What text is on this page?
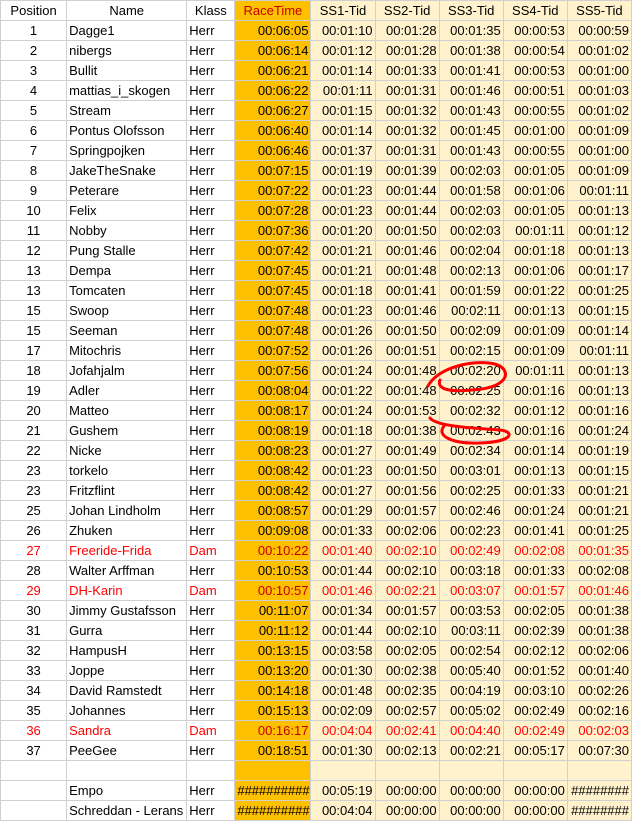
Position	Name	Klass	RaceTime	SS1-Tid	SS2-Tid	SS3-Tid	SS4-Tid	SS5-Tid
1	Dagge1	Herr	00:06:05	00:01:10	00:01:28	00:01:35	00:00:53	00:00:59
2	nibergs	Herr	00:06:14	00:01:12	00:01:28	00:01:38	00:00:54	00:01:02
3	Bullit	Herr	00:06:21	00:01:14	00:01:33	00:01:41	00:00:53	00:01:00
4	mattias_i_skogen	Herr	00:06:22	00:01:11	00:01:31	00:01:46	00:00:51	00:01:03
5	Stream	Herr	00:06:27	00:01:15	00:01:32	00:01:43	00:00:55	00:01:02
6	Pontus Olofsson	Herr	00:06:40	00:01:14	00:01:32	00:01:45	00:01:00	00:01:09
7	Springpojken	Herr	00:06:46	00:01:37	00:01:31	00:01:43	00:00:55	00:01:00
8	JakeTheSnake	Herr	00:07:15	00:01:19	00:01:39	00:02:03	00:01:05	00:01:09
9	Peterare	Herr	00:07:22	00:01:23	00:01:44	00:01:58	00:01:06	00:01:11
10	Felix	Herr	00:07:28	00:01:23	00:01:44	00:02:03	00:01:05	00:01:13
11	Nobby	Herr	00:07:36	00:01:20	00:01:50	00:02:03	00:01:11	00:01:12
12	Pung Stalle	Herr	00:07:42	00:01:21	00:01:46	00:02:04	00:01:18	00:01:13
13	Dempa	Herr	00:07:45	00:01:21	00:01:48	00:02:13	00:01:06	00:01:17
13	Tomcaten	Herr	00:07:45	00:01:18	00:01:41	00:01:59	00:01:22	00:01:25
15	Swoop	Herr	00:07:48	00:01:23	00:01:46	00:02:11	00:01:13	00:01:15
15	Seeman	Herr	00:07:48	00:01:26	00:01:50	00:02:09	00:01:09	00:01:14
17	Mitochris	Herr	00:07:52	00:01:26	00:01:51	00:02:15	00:01:09	00:01:11
18	Jofahjalm	Herr	00:07:56	00:01:24	00:01:48	00:02:20	00:01:11	00:01:13
19	Adler	Herr	00:08:04	00:01:22	00:01:48	00:02:25	00:01:16	00:01:13
20	Matteo	Herr	00:08:17	00:01:24	00:01:53	00:02:32	00:01:12	00:01:16
21	Gushem	Herr	00:08:19	00:01:18	00:01:38	00:02:43	00:01:16	00:01:24
22	Nicke	Herr	00:08:23	00:01:27	00:01:49	00:02:34	00:01:14	00:01:19
23	torkelo	Herr	00:08:42	00:01:23	00:01:50	00:03:01	00:01:13	00:01:15
23	Fritzflint	Herr	00:08:42	00:01:27	00:01:56	00:02:25	00:01:33	00:01:21
25	Johan Lindholm	Herr	00:08:57	00:01:29	00:01:57	00:02:46	00:01:24	00:01:21
26	Zhuken	Herr	00:09:08	00:01:33	00:02:06	00:02:23	00:01:41	00:01:25
27	Freeride-Frida	Dam	00:10:22	00:01:40	00:02:10	00:02:49	00:02:08	00:01:35
28	Walter Arffman	Herr	00:10:53	00:01:44	00:02:10	00:03:18	00:01:33	00:02:08
29	DH-Karin	Dam	00:10:57	00:01:46	00:02:21	00:03:07	00:01:57	00:01:46
30	Jimmy Gustafsson	Herr	00:11:07	00:01:34	00:01:57	00:03:53	00:02:05	00:01:38
31	Gurra	Herr	00:11:12	00:01:44	00:02:10	00:03:11	00:02:39	00:01:38
32	HampusH	Herr	00:13:15	00:03:58	00:02:05	00:02:54	00:02:12	00:02:06
33	Joppe	Herr	00:13:20	00:01:30	00:02:38	00:05:40	00:01:52	00:01:40
34	David Ramstedt	Herr	00:14:18	00:01:48	00:02:35	00:04:19	00:03:10	00:02:26
35	Johannes	Herr	00:15:13	00:02:09	00:02:57	00:05:02	00:02:49	00:02:16
36	Sandra	Dam	00:16:17	00:04:04	00:02:41	00:04:40	00:02:49	00:02:03
37	PeeGee	Herr	00:18:51	00:01:30	00:02:13	00:02:21	00:05:17	00:07:30

	Empo	Herr	##########	00:05:19	00:00:00	00:00:00	00:00:00	########
	Schreddan - Lerans	Herr	##########	00:04:04	00:00:00	00:00:00	00:00:00	########
